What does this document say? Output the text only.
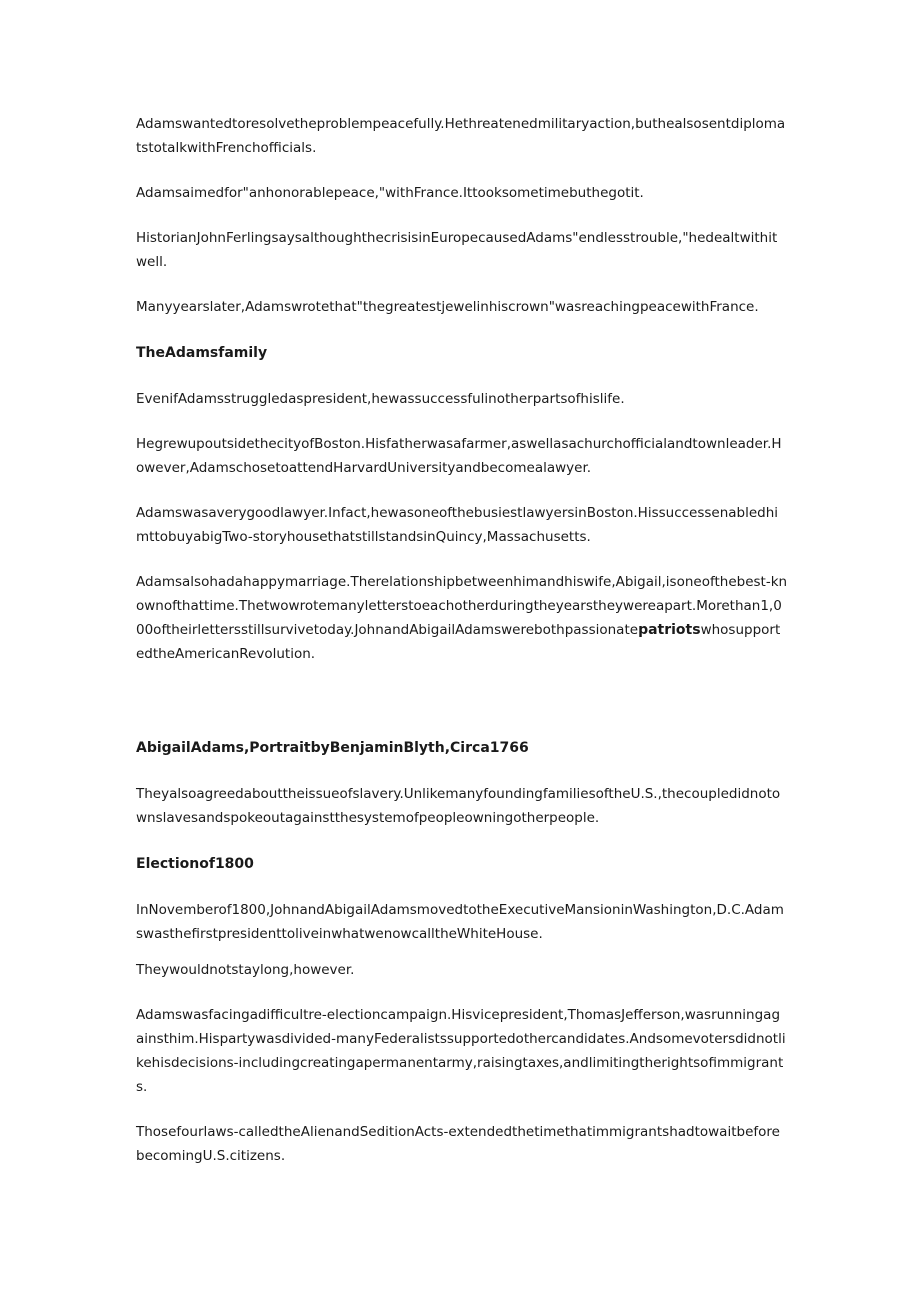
Adamswantedtoresolvetheproblempeacefully.Hethreatenedmilitaryaction,buthealsosentdiplomatstotalkwithFrenchofficials.

Adamsaimedfor"anhonorablepeace,"withFrance.Ittooksometimebuthegotit.

HistorianJohnFerlingsaysalthoughthecrisisinEuropecausedAdams"endlesstrouble,"hedealtwithitwell.

Manyyearslater,Adamswrotethat"thegreatestjewelinhiscrown"wasreachingpeacewithFrance.

TheAdamsfamily

EvenifAdamsstruggledaspresident,hewassuccessfulinotherpartsofhislife.

HegrewupoutsidethecityofBoston.Hisfatherwasafarmer,aswellasachurchofficialandtownleader.However,AdamschosetoattendHarvardUniversityandbecomealawyer.

Adamswasaverygoodlawyer.Infact,hewasoneofthebusiestlawyersinBoston.HissuccessenabledhimttobuyabigTwo-storyhousethatstillstandsinQuincy,Massachusetts.

Adamsalsohadahappymarriage.Therelationshipbetweenhimandhiswife,Abigail,isoneofthebest-knownofthattime.Thetwowrotemanyletterstoeachotherduringtheyearstheywereapart.Morethan1,000oftheirlettersstillsurvivetoday.JohnandAbigailAdamswerebothpassionatepatriotswhosupportedtheAmericanRevolution.

AbigailAdams,PortraitbyBenjaminBlyth,Circa1766

Theyalsoagreedabouttheissueofslavery.UnlikemanyfoundingfamiliesoftheU.S.,thecoupledidnotownslavesandspokeoutagainstthesystemofpeopleowningotherpeople.

Electionof1800

InNovemberof1800,JohnandAbigailAdamsmovedtotheExecutiveMansioninWashington,D.C.AdamswasthefirstpresidenttoliveinwhatwenowcalltheWhiteHouse.

Theywouldnotstaylong,however.

Adamswasfacingadifficultre-electioncampaign.Hisvicepresident,ThomasJefferson,wasrunningagainsthim.Hispartywasdivided-manyFederalistssupportedothercandidates.Andsomevotersdidnotlikehisdecisions-includingcreatingapermanentarmy,raisingtaxes,andlimitingtherightsofimmigrants.

Thosefourlaws-calledtheAlienandSeditionActs-extendedthetimethatimmigrantshadtowaitbeforebecomingU.S.citizens.
